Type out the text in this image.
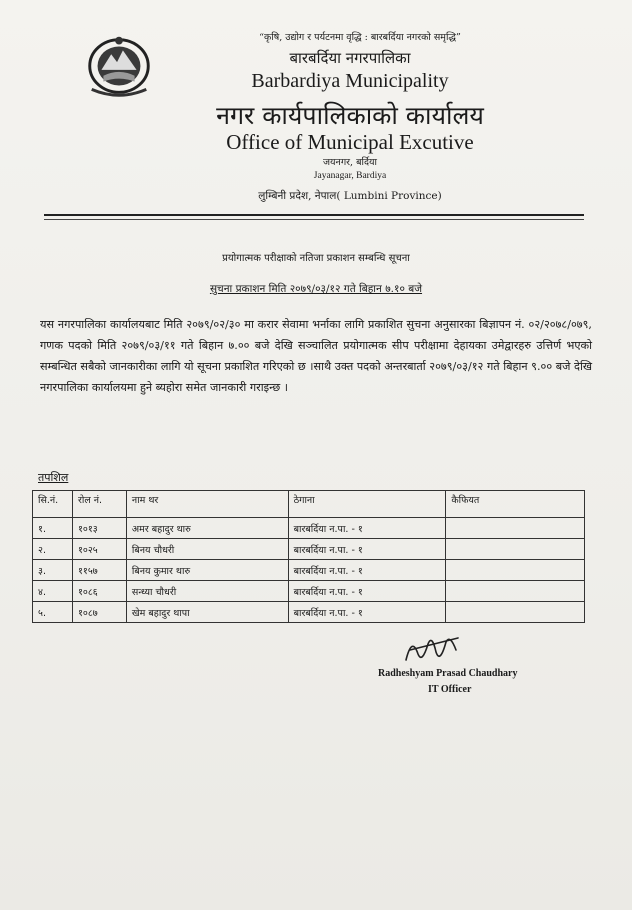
“कृषि, उद्योग र पर्यटनमा वृद्धि : बारबर्दिया नगरको समृद्धि”
बारबर्दिया नगरपालिका
Barbardiya Municipality
नगर कार्यपालिकाको कार्यालय
Office of Municipal Excutive
जयनगर, बर्दिया
Jayanagar, Bardiya
लुम्बिनी प्रदेश, नेपाल( Lumbini Province)
प्रयोगात्मक परीक्षाको नतिजा प्रकाशन सम्बन्धि सूचना
सुचना प्रकाशन मिति २०७९/०३/१२ गते बिहान ७.१० बजे
यस नगरपालिका कार्यालयबाट मिति २०७९/०२/३० मा करार सेवामा भर्नाका लागि प्रकाशित सुचना अनुसारका बिज्ञापन नं. ०२/२०७८/०७९, गणक पदको मिति २०७९/०३/११ गते बिहान ७.०० बजे देखि सञ्चालित प्रयोगात्मक सीप परीक्षामा देहायका उमेद्वारहरु उत्तिर्ण भएको सम्बन्धित सबैको जानकारीका लागि यो सूचना प्रकाशित गरिएको छ ।साथै उक्त पदको अन्तरबार्ता २०७९/०३/१२ गते बिहान ९.०० बजे देखि नगरपालिका कार्यालयमा हुने ब्यहोरा समेत जानकारी गराइन्छ ।
तपशिल
सि.नं.	रोल नं.	नाम थर	ठेगाना	कैफियत
१.	१०१३	अमर बहादुर थारु	बारबर्दिया न.पा. - १	
२.	१०२५	बिनय चौधरी	बारबर्दिया न.पा. - १	
३.	११५७	बिनय कुमार थारु	बारबर्दिया न.पा. - १	
४.	१०८६	सन्ध्या चौधरी	बारबर्दिया न.पा. - १	
५.	१०८७	खेम बहादुर थापा	बारबर्दिया न.पा. - १	
Radheshyam Prasad Chaudhary
IT Officer
